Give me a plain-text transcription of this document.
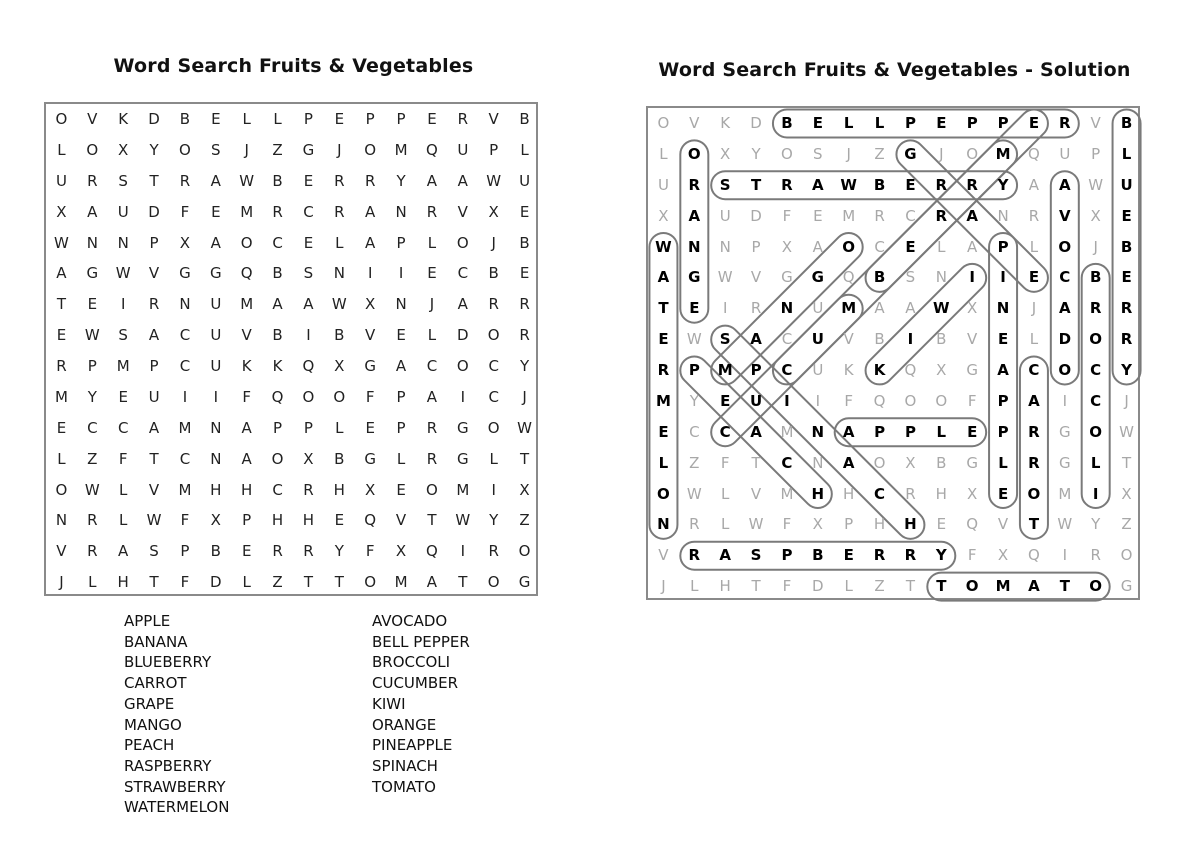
Word Search Fruits & Vegetables
O	V	K	D	B	E	L	L	P	E	P	P	E	R	V	B
L	O	X	Y	O	S	J	Z	G	J	O	M	Q	U	P	L
U	R	S	T	R	A	W	B	E	R	R	Y	A	A	W	U
X	A	U	D	F	E	M	R	C	R	A	N	R	V	X	E
W	N	N	P	X	A	O	C	E	L	A	P	L	O	J	B
A	G	W	V	G	G	Q	B	S	N	I	I	E	C	B	E
T	E	I	R	N	U	M	A	A	W	X	N	J	A	R	R
E	W	S	A	C	U	V	B	I	B	V	E	L	D	O	R
R	P	M	P	C	U	K	K	Q	X	G	A	C	O	C	Y
M	Y	E	U	I	I	F	Q	O	O	F	P	A	I	C	J
E	C	C	A	M	N	A	P	P	L	E	P	R	G	O	W
L	Z	F	T	C	N	A	O	X	B	G	L	R	G	L	T
O	W	L	V	M	H	H	C	R	H	X	E	O	M	I	X
N	R	L	W	F	X	P	H	H	E	Q	V	T	W	Y	Z
V	R	A	S	P	B	E	R	R	Y	F	X	Q	I	R	O
J	L	H	T	F	D	L	Z	T	T	O	M	A	T	O	G
APPLE
BANANA
BLUEBERRY
CARROT
GRAPE
MANGO
PEACH
RASPBERRY
STRAWBERRY
WATERMELON
AVOCADO
BELL PEPPER
BROCCOLI
CUCUMBER
KIWI
ORANGE
PINEAPPLE
SPINACH
TOMATO
Word Search Fruits & Vegetables - Solution
O	V	K	D	B	E	L	L	P	E	P	P	E	R	V	B
L	O	X	Y	O	S	J	Z	G	J	O	M	Q	U	P	L
U	R	S	T	R	A	W	B	E	R	R	Y	A	A	W	U
X	A	U	D	F	E	M	R	C	R	A	N	R	V	X	E
W	N	N	P	X	A	O	C	E	L	A	P	L	O	J	B
A	G	W	V	G	G	Q	B	S	N	I	I	E	C	B	E
T	E	I	R	N	U	M	A	A	W	X	N	J	A	R	R
E	W	S	A	C	U	V	B	I	B	V	E	L	D	O	R
R	P	M	P	C	U	K	K	Q	X	G	A	C	O	C	Y
M	Y	E	U	I	I	F	Q	O	O	F	P	A	I	C	J
E	C	C	A	M	N	A	P	P	L	E	P	R	G	O	W
L	Z	F	T	C	N	A	O	X	B	G	L	R	G	L	T
O	W	L	V	M	H	H	C	R	H	X	E	O	M	I	X
N	R	L	W	F	X	P	H	H	E	Q	V	T	W	Y	Z
V	R	A	S	P	B	E	R	R	Y	F	X	Q	I	R	O
J	L	H	T	F	D	L	Z	T	T	O	M	A	T	O	G
